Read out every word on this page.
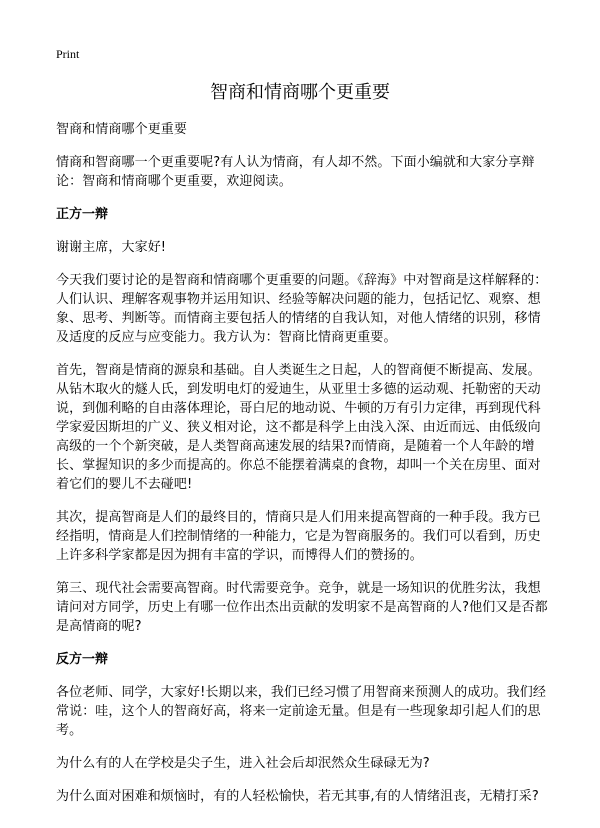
Print
智商和情商哪个更重要

智商和情商哪个更重要

情商和智商哪一个更重要呢?有人认为情商，有人却不然。下面小编就和大家分享辩论：智商和情商哪个更重要，欢迎阅读。

正方一辩

谢谢主席，大家好!

今天我们要讨论的是智商和情商哪个更重要的问题。《辞海》中对智商是这样解释的：人们认识、理解客观事物并运用知识、经验等解决问题的能力，包括记忆、观察、想象、思考、判断等。而情商主要包括人的情绪的自我认知，对他人情绪的识别，移情及适度的反应与应变能力。我方认为：智商比情商更重要。

首先，智商是情商的源泉和基础。自人类诞生之日起，人的智商便不断提高、发展。从钻木取火的燧人氏，到发明电灯的爱迪生，从亚里士多德的运动观、托勒密的天动说，到伽利略的自由落体理论，哥白尼的地动说、牛顿的万有引力定律，再到现代科学家爱因斯坦的广义、狭义相对论，这不都是科学上由浅入深、由近而远、由低级向高级的一个个新突破，是人类智商高速发展的结果?而情商，是随着一个人年龄的增长、掌握知识的多少而提高的。你总不能摆着满桌的食物，却叫一个关在房里、面对着它们的婴儿不去碰吧!

其次，提高智商是人们的最终目的，情商只是人们用来提高智商的一种手段。我方已经指明，情商是人们控制情绪的一种能力，它是为智商服务的。我们可以看到，历史上许多科学家都是因为拥有丰富的学识，而博得人们的赞扬的。

第三、现代社会需要高智商。时代需要竞争。竞争，就是一场知识的优胜劣汰，我想请问对方同学，历史上有哪一位作出杰出贡献的发明家不是高智商的人?他们又是否都是高情商的呢?

反方一辩

各位老师、同学，大家好!长期以来，我们已经习惯了用智商来预测人的成功。我们经常说：哇，这个人的智商好高，将来一定前途无量。但是有一些现象却引起人们的思考。

为什么有的人在学校是尖子生，进入社会后却泯然众生碌碌无为?

为什么面对困难和烦恼时，有的人轻松愉快，若无其事,有的人情绪沮丧，无精打采?
